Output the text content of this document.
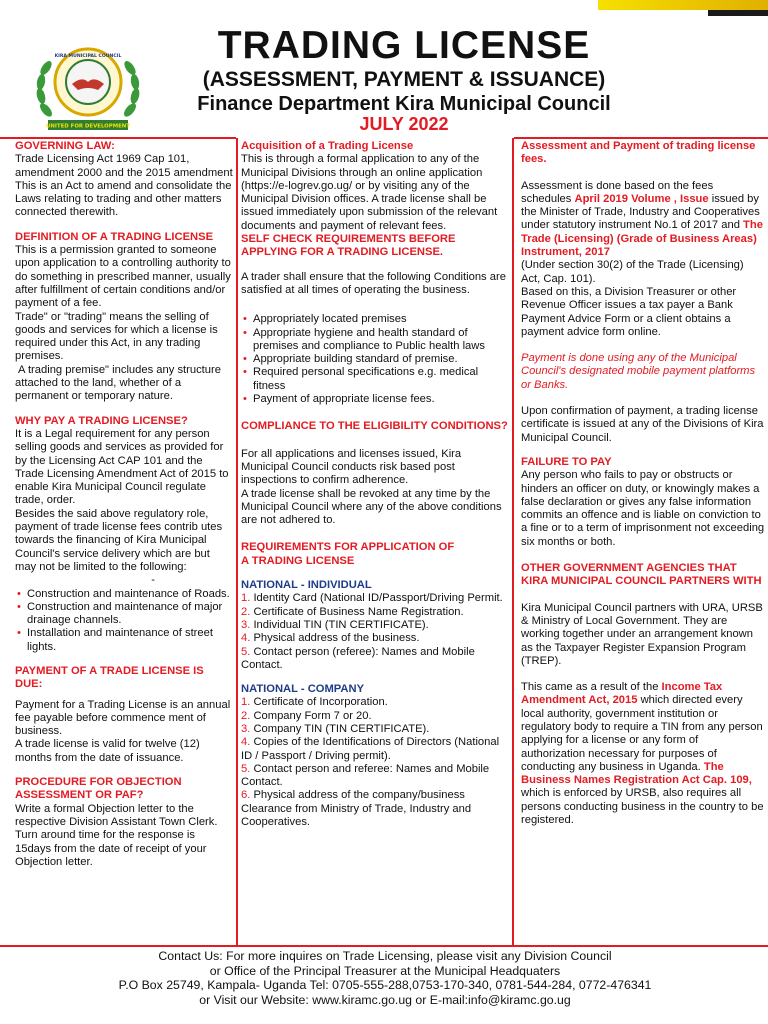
KIRA MUNICIPAL COUNCIL
UNITED FOR DEVELOPMENT
TRADING LICENSE
(ASSESSMENT, PAYMENT & ISSUANCE)
Finance Department Kira Municipal Council
JULY 2022

GOVERNING LAW:

Trade Licensing Act 1969 Cap 101, amendment 2000 and the 2015 amendment This is an Act to amend and consolidate the Laws relating to trading and other matters connected therewith.

DEFINITION OF A TRADING LICENSE

This is a permission granted to someone upon application to a controlling authority to do something in prescribed manner, usually after fulfillment of certain conditions and/or payment of a fee.

Trade" or "trading" means the selling of goods and services for which a license is required under this Act, in any trading premises.

A trading premise" includes any structure attached to the land, whether of a permanent or temporary nature.

WHY PAY A TRADING LICENSE?

It is a Legal requirement for any person selling goods and services as provided for by the Licensing Act CAP 101 and the Trade Licensing Amendment Act of 2015 to enable Kira Municipal Council regulate trade, order.

Besides the said above regulatory role, payment of trade license fees contrib utes towards the financing of Kira Municipal Council's service delivery which are but may not be limited to the following:-

• Construction and maintenance of Roads.
• Construction and maintenance of major drainage channels.
• Installation and maintenance of street lights.

PAYMENT OF A TRADE LICENSE IS DUE:

Payment for a Trading License is an annual fee payable before commence ment of business.

A trade license is valid for twelve (12) months from the date of issuance.

PROCEDURE FOR OBJECTION ASSESSMENT OR PAF?

Write a formal Objection letter to the respective Division Assistant Town Clerk. Turn around time for the response is 15days from the date of receipt of your Objection letter.

Acquisition of a Trading License

This is through a formal application to any of the Municipal Divisions through an online application (https://e-logrev.go.ug/ or by visiting any of the Municipal Division offices. A trade license shall be issued immediately upon submission of the relevant documents and payment of relevant fees.

SELF CHECK REQUIREMENTS BEFORE APPLYING FOR A TRADING LICENSE.

A trader shall ensure that the following Conditions are satisfied at all times of operating the business.

• Appropriately located premises
• Appropriate hygiene and health standard of premises and compliance to Public health laws
• Appropriate building standard of premise.
• Required personal specifications e.g. medical fitness
• Payment of appropriate license fees.

COMPLIANCE TO THE ELIGIBILITY CONDITIONS?

For all applications and licenses issued, Kira Municipal Council conducts risk based post inspections to confirm adherence.

A trade license shall be revoked at any time by the Municipal Council where any of the above conditions are not adhered to.

REQUIREMENTS FOR APPLICATION OF

A TRADING LICENSE

NATIONAL - INDIVIDUAL

1. Identity Card (National ID/Passport/Driving Permit.
2. Certificate of Business Name Registration.
3. Individual TIN (TIN CERTIFICATE).
4. Physical address of the business.
5. Contact person (referee): Names and Mobile Contact.

NATIONAL - COMPANY

1. Certificate of Incorporation.
2. Company Form 7 or 20.
3. Company TIN (TIN CERTIFICATE).
4. Copies of the Identifications of Directors (National ID / Passport / Driving permit).
5. Contact person and referee: Names and Mobile Contact.
6. Physical address of the company/business Clearance from Ministry of Trade, Industry and Cooperatives.

Assessment and Payment of trading license fees.

Assessment is done based on the fees schedules April 2019 Volume , Issue issued by the Minister of Trade, Industry and Cooperatives under statutory instrument No.1 of 2017 and The Trade (Licensing) (Grade of Business Areas) Instrument, 2017

(Under section 30(2) of the Trade (Licensing) Act, Cap. 101).

Based on this, a Division Treasurer or other Revenue Officer issues a tax payer a Bank Payment Advice Form or a client obtains a payment advice form online.

Payment is done using any of the Municipal Council's designated mobile payment platforms or Banks.

Upon confirmation of payment, a trading license certificate is issued at any of the Divisions of Kira Municipal Council.

FAILURE TO PAY

Any person who fails to pay or obstructs or hinders an officer on duty, or knowingly makes a false declaration or gives any false information commits an offence and is liable on conviction to a fine or to a term of imprisonment not exceeding six months or both.

OTHER GOVERNMENT AGENCIES THAT KIRA MUNICIPAL COUNCIL PARTNERS WITH

Kira Municipal Council partners with URA, URSB & Ministry of Local Government. They are working together under an arrangement known as the Taxpayer Register Expansion Program (TREP).

This came as a result of the Income Tax Amendment Act, 2015 which directed every local authority, government institution or regulatory body to require a TIN from any person applying for a license or any form of authorization necessary for purposes of conducting any business in Uganda. The Business Names Registration Act Cap. 109, which is enforced by URSB, also requires all persons conducting business in the country to be registered.

Contact Us: For more inquires on Trade Licensing, please visit any Division Council
or Office of the Principal Treasurer at the Municipal Headquaters
P.O Box 25749, Kampala- Uganda Tel: 0705-555-288,0753-170-340, 0781-544-284, 0772-476341
or Visit our Website: www.kiramc.go.ug or E-mail:info@kiramc.go.ug
